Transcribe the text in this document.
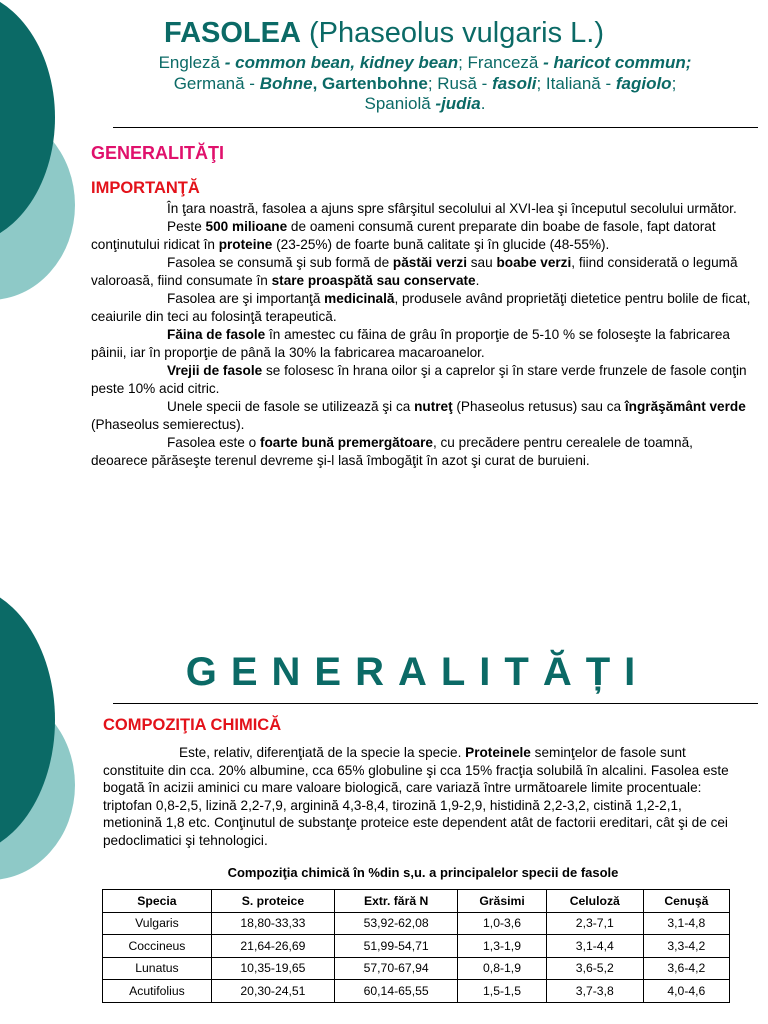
FASOLEA (Phaseolus vulgaris L.)
Engleză - common bean, kidney bean; Franceză - haricot commun;
Germană - Bohne, Gartenbohne; Rusă - fasoli; Italiană - fagiolo;
Spaniolă -judia.
GENERALITĂŢI
IMPORTANŢĂ

În ţara noastră, fasolea a ajuns spre sfârşitul secolului al XVI-lea şi începutul secolului următor.

Peste 500 milioane de oameni consumă curent preparate din boabe de fasole, fapt datorat conţinutului ridicat în proteine (23-25%) de foarte bună calitate şi în glucide (48-55%).

Fasolea se consumă şi sub formă de păstăi verzi sau boabe verzi, fiind considerată o legumă valoroasă, fiind consumate în stare proaspătă sau conservate.

Fasolea are şi importanţă medicinală, produsele având proprietăţi dietetice pentru bolile de ficat, ceaiurile din teci au folosinţă terapeutică.

Făina de fasole în amestec cu făina de grâu în proporţie de 5-10 % se foloseşte la fabricarea pâinii, iar în proporţie de până la 30% la fabricarea macaroanelor.

Vrejii de fasole se folosesc în hrana oilor şi a caprelor şi în stare verde frunzele de fasole conţin peste 10% acid citric.

Unele specii de fasole se utilizează şi ca nutreţ (Phaseolus retusus) sau ca îngrăşământ verde (Phaseolus semierectus).

Fasolea este o foarte bună premergătoare, cu precădere pentru cerealele de toamnă, deoarece părăseşte terenul devreme şi-l lasă îmbogăţit în azot şi curat de buruieni.

GENERALITĂȚI
COMPOZIŢIA CHIMICĂ

Este, relativ, diferenţiată de la specie la specie. Proteinele seminţelor de fasole sunt constituite din cca. 20% albumine, cca 65% globuline şi cca 15% fracţia solubilă în alcalini. Fasolea este bogată în acizii aminici cu mare valoare biologică, care variază între următoarele limite procentuale: triptofan 0,8-2,5, lizină 2,2-7,9, arginină 4,3-8,4, tirozină 1,9-2,9, histidină 2,2-3,2, cistină 1,2-2,1, metionină 1,8 etc. Conţinutul de substanţe proteice este dependent atât de factorii ereditari, cât şi de cei pedoclimatici şi tehnologici.

Compoziţia chimică în %din s,u. a principalelor specii de fasole
Specia	S. proteice	Extr. fără N	Grăsimi	Celuloză	Cenuşă
Vulgaris	18,80-33,33	53,92-62,08	1,0-3,6	2,3-7,1	3,1-4,8
Coccineus	21,64-26,69	51,99-54,71	1,3-1,9	3,1-4,4	3,3-4,2
Lunatus	10,35-19,65	57,70-67,94	0,8-1,9	3,6-5,2	3,6-4,2
Acutifolius	20,30-24,51	60,14-65,55	1,5-1,5	3,7-3,8	4,0-4,6
